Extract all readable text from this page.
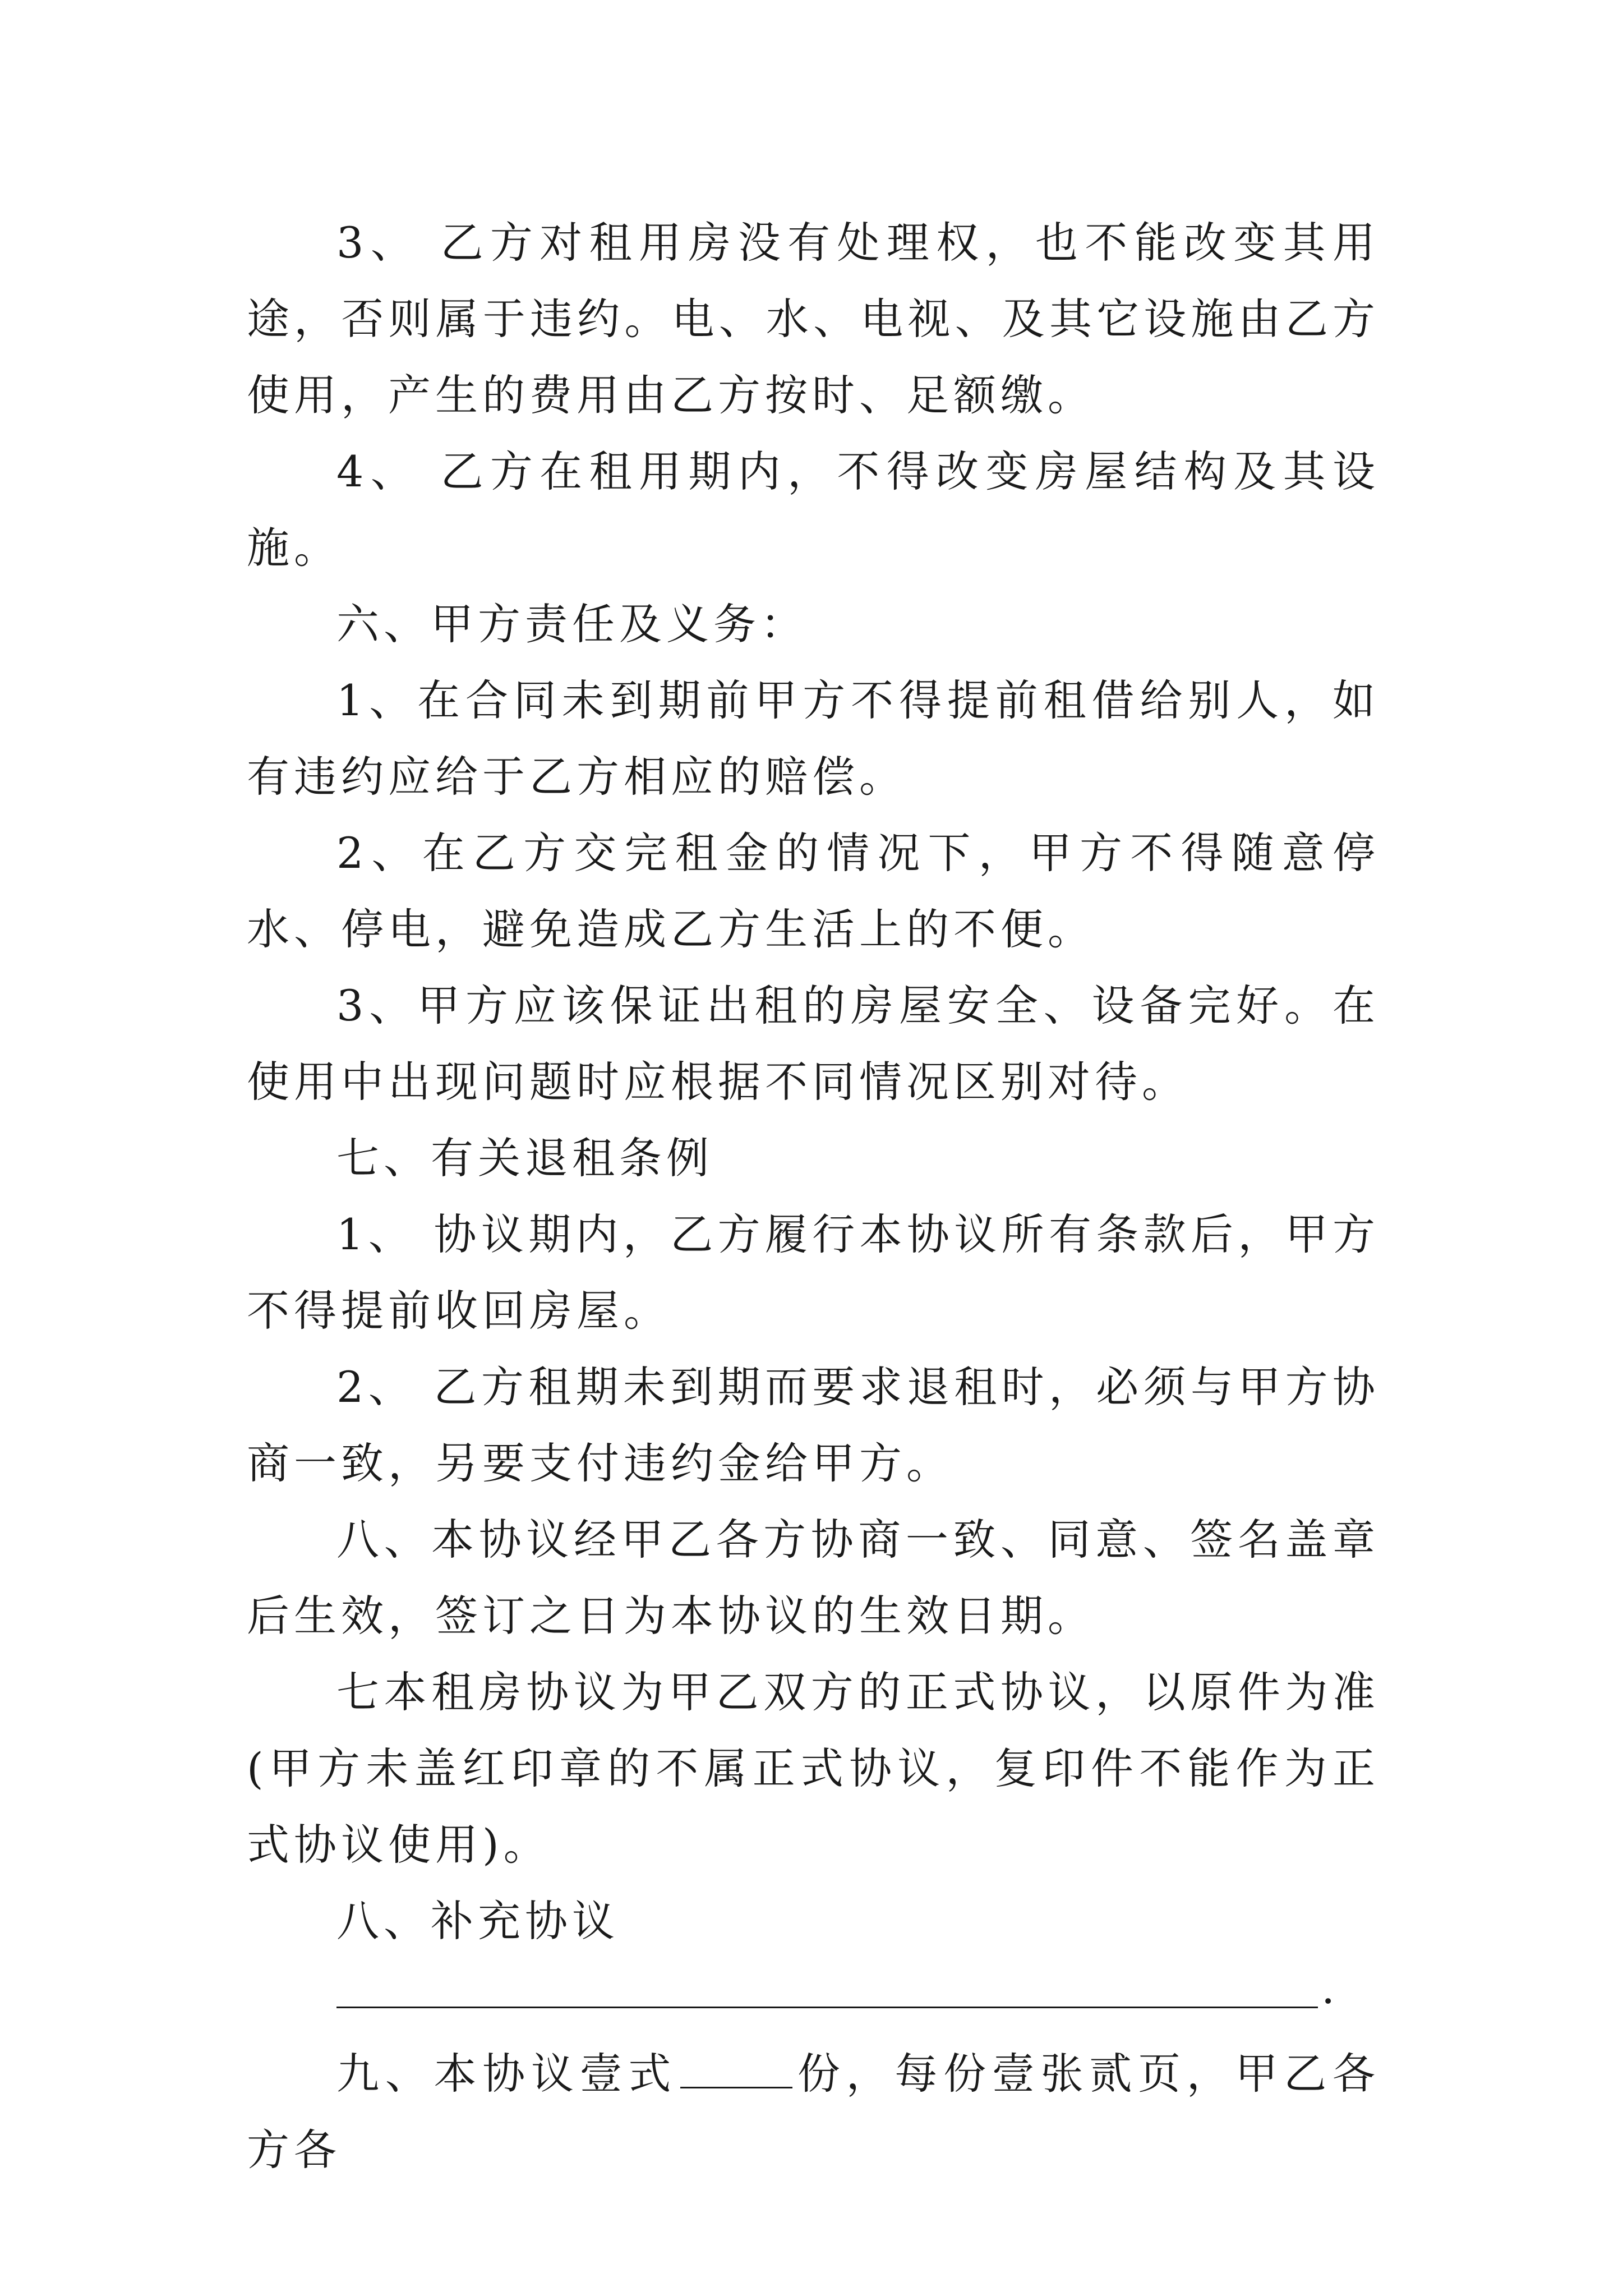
3、 乙方对租用房没有处理权，也不能改变其用途，否则属于违约。电、水、电视、及其它设施由乙方使用，产生的费用由乙方按时、足额缴。

4、 乙方在租用期内，不得改变房屋结构及其设施。

六、甲方责任及义务：

1、在合同未到期前甲方不得提前租借给别人，如有违约应给于乙方相应的赔偿。

2、在乙方交完租金的情况下，甲方不得随意停水、停电，避免造成乙方生活上的不便。

3、甲方应该保证出租的房屋安全、设备完好。在使用中出现问题时应根据不同情况区别对待。

七、有关退租条例

1、 协议期内，乙方履行本协议所有条款后，甲方不得提前收回房屋。

2、 乙方租期未到期而要求退租时，必须与甲方协商一致，另要支付违约金给甲方。

八、本协议经甲乙各方协商一致、同意、签名盖章后生效，签订之日为本协议的生效日期。

七本租房协议为甲乙双方的正式协议，以原件为准(甲方未盖红印章的不属正式协议，复印件不能作为正式协议使用)。

八、补充协议

.

九、本协议壹式	份，每份壹张贰页，甲乙各方各
